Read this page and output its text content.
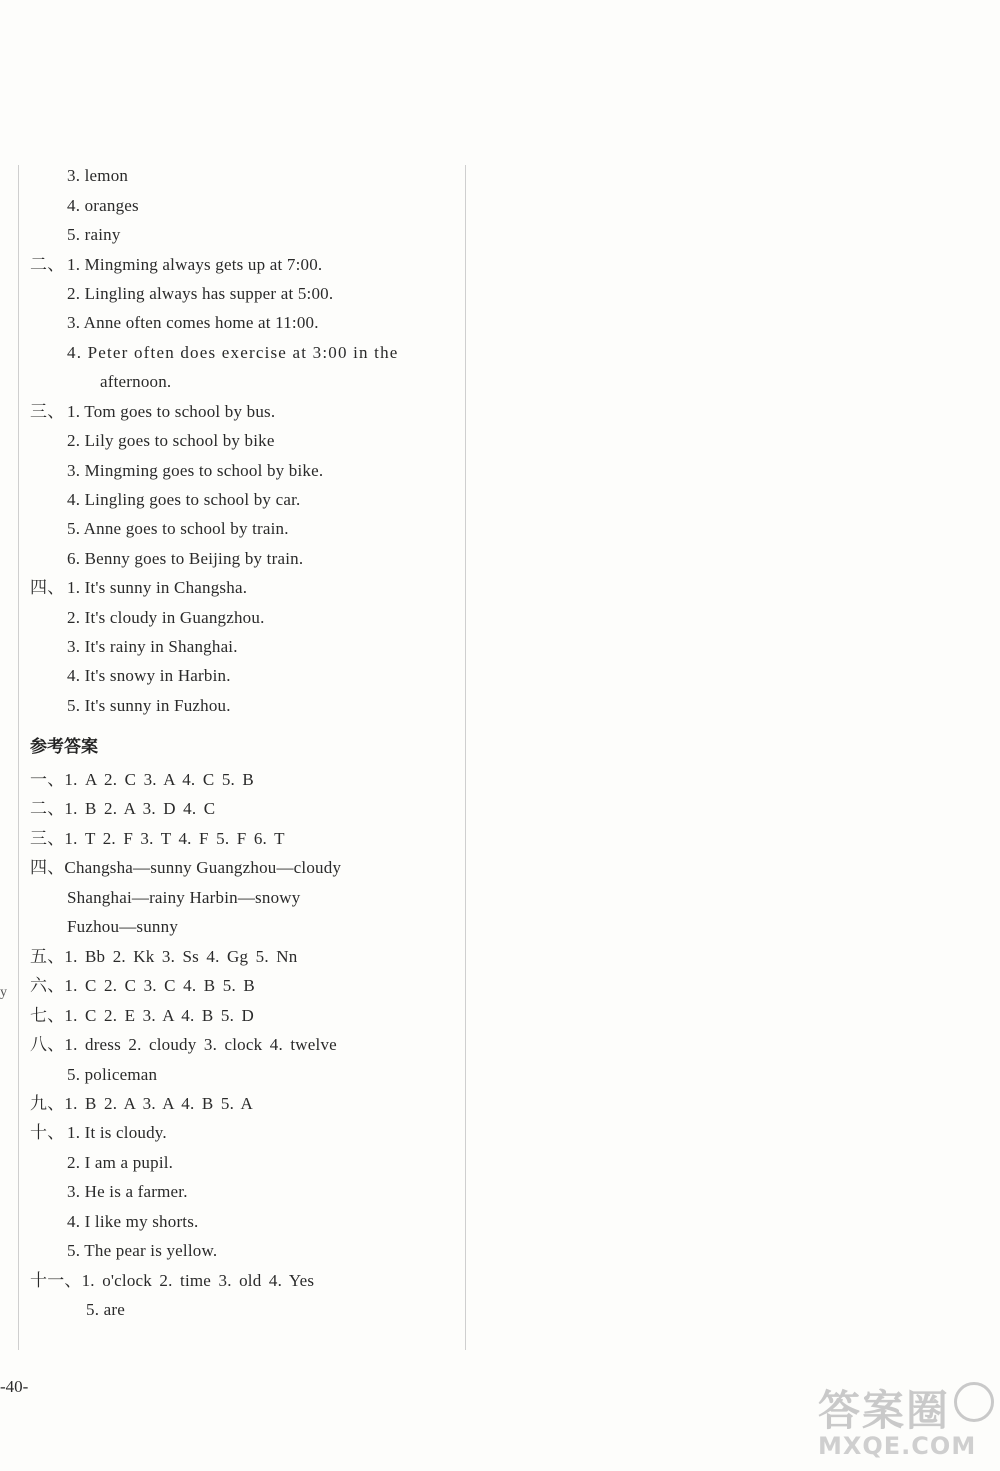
3. lemon
4. oranges
5. rainy
二、 1. Mingming always gets up at 7:00.
2. Lingling always has supper at 5:00.
3. Anne often comes home at 11:00.
4. Peter often does exercise at 3:00 in the
afternoon.
三、 1. Tom goes to school by bus.
2. Lily goes to school by bike
3. Mingming goes to school by bike.
4. Lingling goes to school by car.
5. Anne goes to school by train.
6. Benny goes to Beijing by train.
四、 1. It's sunny in Changsha.
2. It's cloudy in Guangzhou.
3. It's rainy in Shanghai.
4. It's snowy in Harbin.
5. It's sunny in Fuzhou.
参考答案
一、1. A 2. C 3. A 4. C 5. B
二、1. B 2. A 3. D 4. C
三、1. T 2. F 3. T 4. F 5. F 6. T
四、Changsha—sunny Guangzhou—cloudy
Shanghai—rainy Harbin—snowy
Fuzhou—sunny
五、1. Bb 2. Kk 3. Ss 4. Gg 5. Nn
六、1. C 2. C 3. C 4. B 5. B
七、1. C 2. E 3. A 4. B 5. D
八、1. dress 2. cloudy 3. clock 4. twelve
5. policeman
九、1. B 2. A 3. A 4. B 5. A
十、 1. It is cloudy.
2. I am a pupil.
3. He is a farmer.
4. I like my shorts.
5. The pear is yellow.
十一、1. o'clock 2. time 3. old 4. Yes
5. are
y
-40-	答案圈
MXQE.COM
